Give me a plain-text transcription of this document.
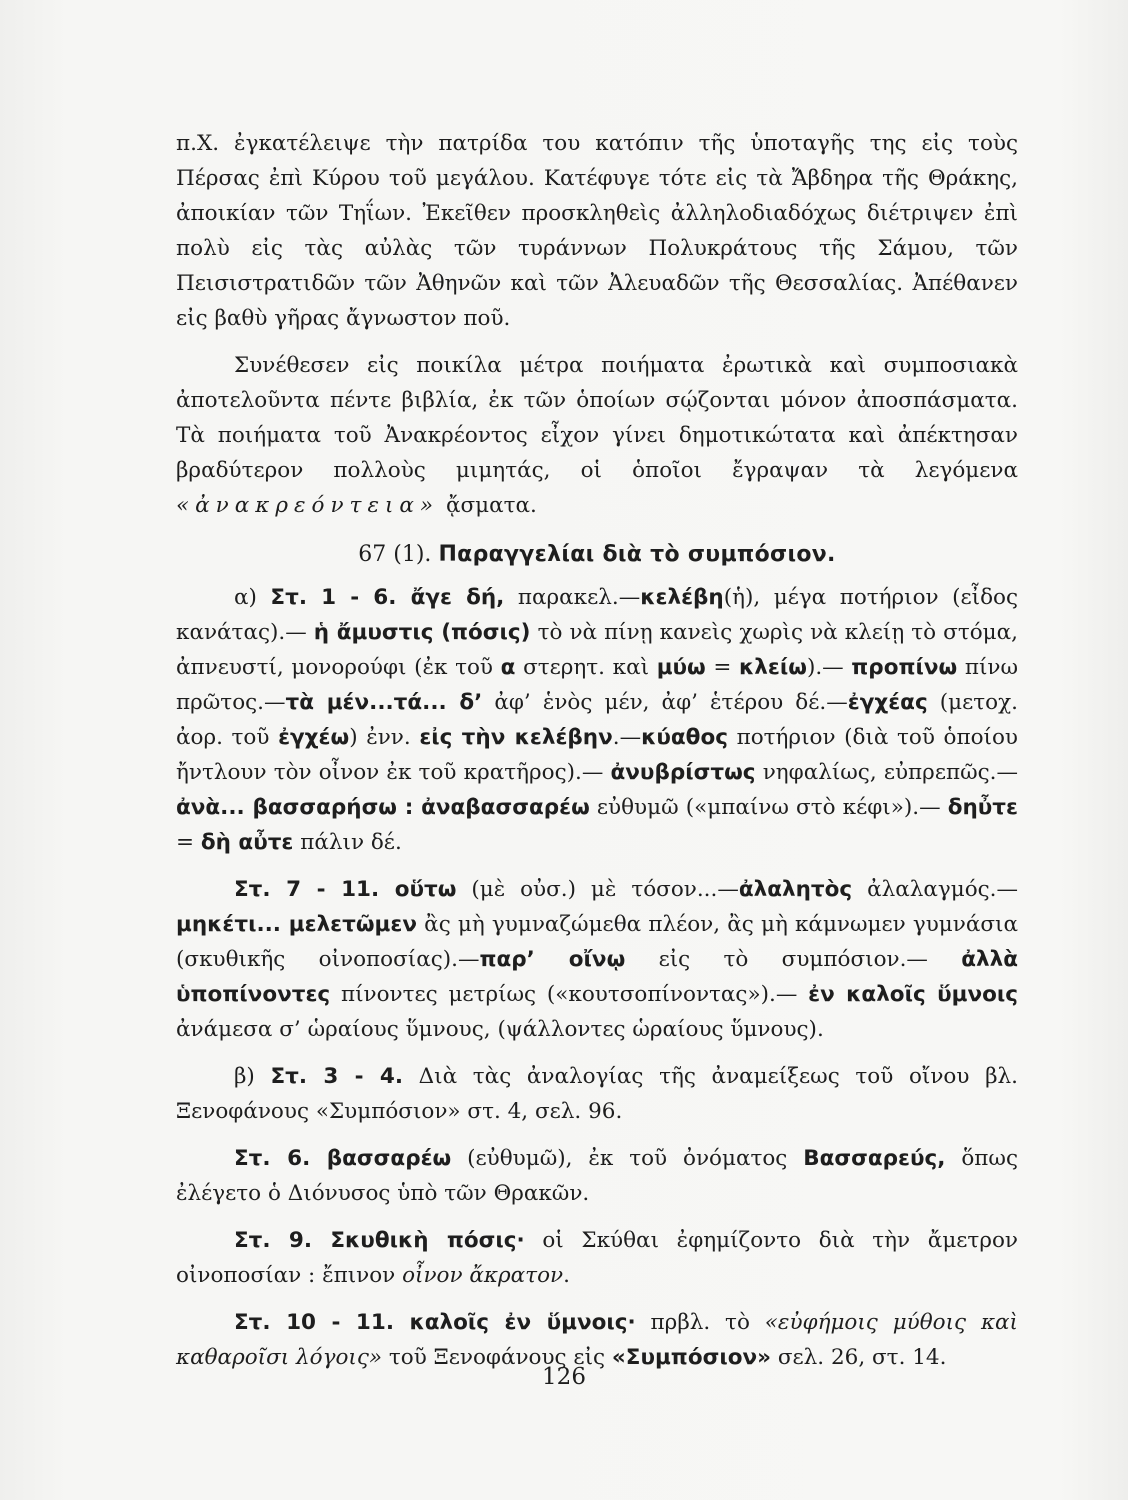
π.Χ. ἐγκατέλειψε τὴν πατρίδα του κατόπιν τῆς ὑποταγῆς της εἰς τοὺς Πέρσας ἐπὶ Κύρου τοῦ μεγάλου. Κατέφυγε τότε εἰς τὰ Ἄβδηρα τῆς Θράκης, ἀποικίαν τῶν Τηΐων. Ἐκεῖθεν προσκληθεὶς ἀλληλοδιαδόχως διέτριψεν ἐπὶ πολὺ εἰς τὰς αὐλὰς τῶν τυράννων Πολυκράτους τῆς Σάμου, τῶν Πεισιστρατιδῶν τῶν Ἀθηνῶν καὶ τῶν Ἀλευαδῶν τῆς Θεσσαλίας. Ἀπέθανεν εἰς βαθὺ γῆρας ἄγνωστον ποῦ.

Συνέθεσεν εἰς ποικίλα μέτρα ποιήματα ἐρωτικὰ καὶ συμποσιακὰ ἀποτελοῦντα πέντε βιβλία, ἐκ τῶν ὁποίων σῴζονται μόνον ἀποσπάσματα. Τὰ ποιήματα τοῦ Ἀνακρέοντος εἶχον γίνει δημοτικώτατα καὶ ἀπέκτησαν βραδύτερον πολλοὺς μιμητάς, οἱ ὁποῖοι ἔγραψαν τὰ λεγόμενα «ἀνακρεόντεια» ᾄσματα.

67 (1). Παραγγελίαι διὰ τὸ συμπόσιον.

α) Στ. 1 - 6. ἄγε δή, παρακελ.—κελέβη(ἡ), μέγα ποτήριον (εἶδος κανάτας).— ἡ ἄμυστις (πόσις) τὸ νὰ πίνῃ κανεὶς χωρὶς νὰ κλείῃ τὸ στόμα, ἀπνευστί, μονορούφι (ἐκ τοῦ α στερητ. καὶ μύω = κλείω).— προπίνω πίνω πρῶτος.—τὰ μέν...τά... δ’ ἀφ’ ἑνὸς μέν, ἀφ’ ἑτέρου δέ.—ἐγχέας (μετοχ. ἀορ. τοῦ ἐγχέω) ἐνν. εἰς τὴν κελέβην.—κύαθος ποτήριον (διὰ τοῦ ὁποίου ἤντλουν τὸν οἶνον ἐκ τοῦ κρατῆρος).— ἀνυβρίστως νηφαλίως, εὐπρεπῶς.— ἀνὰ... βασσαρήσω : ἀναβασσαρέω εὐθυμῶ («μπαίνω στὸ κέφι»).— δηὖτε = δὴ αὖτε πάλιν δέ.

Στ. 7 - 11. οὕτω (μὲ οὐσ.) μὲ τόσον...—ἀλαλητὸς ἀλαλαγμός.— μηκέτι... μελετῶμεν ἂς μὴ γυμναζώμεθα πλέον, ἂς μὴ κάμνωμεν γυμνάσια (σκυθικῆς οἰνοποσίας).—παρ’ οἴνῳ εἰς τὸ συμπόσιον.— ἀλλὰ ὑποπίνοντες πίνοντες μετρίως («κουτσοπίνοντας»).— ἐν καλοῖς ὕμνοις ἀνάμεσα σ’ ὡραίους ὕμνους, (ψάλλοντες ὡραίους ὕμνους).

β) Στ. 3 - 4. Διὰ τὰς ἀναλογίας τῆς ἀναμείξεως τοῦ οἴνου βλ. Ξενοφάνους «Συμπόσιον» στ. 4, σελ. 96.

Στ. 6. βασσαρέω (εὐθυμῶ), ἐκ τοῦ ὀνόματος Βασσαρεύς, ὅπως ἐλέγετο ὁ Διόνυσος ὑπὸ τῶν Θρακῶν.

Στ. 9. Σκυθικὴ πόσις· οἱ Σκύθαι ἐφημίζοντο διὰ τὴν ἄμετρον οἰνοποσίαν : ἔπινον οἶνον ἄκρατον.

Στ. 10 - 11. καλοῖς ἐν ὕμνοις· πρβλ. τὸ «εὐφήμοις μύθοις καὶ καθαροῖσι λόγοις» τοῦ Ξενοφάνους εἰς «Συμπόσιον» σελ. 26, στ. 14.

126
